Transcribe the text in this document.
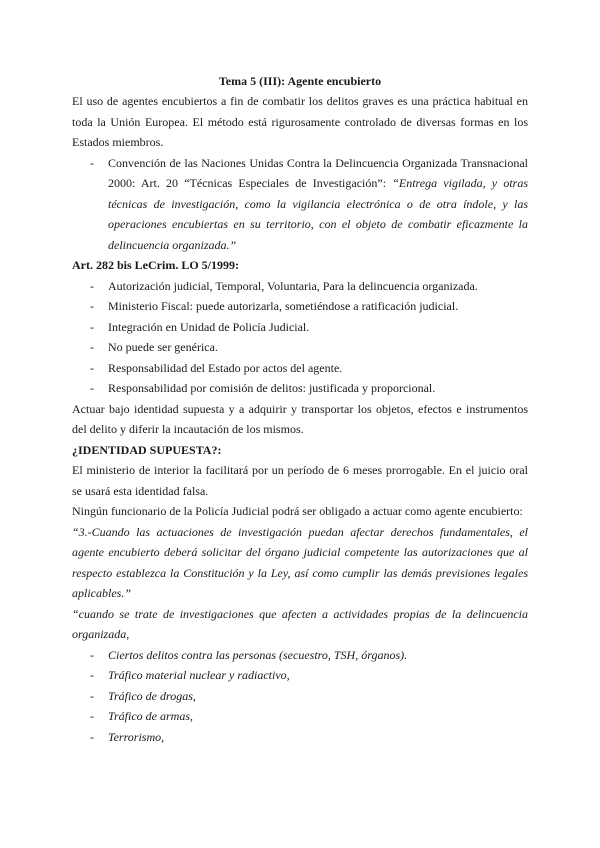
Tema 5 (III): Agente encubierto

El uso de agentes encubiertos a fin de combatir los delitos graves es una práctica habitual en toda la Unión Europea. El método está rigurosamente controlado de diversas formas en los Estados miembros.

- Convención de las Naciones Unidas Contra la Delincuencia Organizada Transnacional 2000: Art. 20 “Técnicas Especiales de Investigación”: “Entrega vigilada, y otras técnicas de investigación, como la vigilancia electrónica o de otra índole, y las operaciones encubiertas en su territorio, con el objeto de combatir eficazmente la delincuencia organizada.”
Art. 282 bis LeCrim. LO 5/1999:
- Autorización judicial, Temporal, Voluntaria, Para la delincuencia organizada.
- Ministerio Fiscal: puede autorizarla, sometiéndose a ratificación judicial.
- Integración en Unidad de Policía Judicial.
- No puede ser genérica.
- Responsabilidad del Estado por actos del agente.
- Responsabilidad por comisión de delitos: justificada y proporcional.

Actuar bajo identidad supuesta y a adquirir y transportar los objetos, efectos e instrumentos del delito y diferir la incautación de los mismos.

¿IDENTIDAD SUPUESTA?:

El ministerio de interior la facilitará por un período de 6 meses prorrogable. En el juicio oral se usará esta identidad falsa.

Ningún funcionario de la Policía Judicial podrá ser obligado a actuar como agente encubierto:

“3.-Cuando las actuaciones de investigación puedan afectar derechos fundamentales, el agente encubierto deberá solicitar del órgano judicial competente las autorizaciones que al respecto establezca la Constitución y la Ley, así como cumplir las demás previsiones legales aplicables.”

“cuando se trate de investigaciones que afecten a actividades propias de la delincuencia organizada,

- Ciertos delitos contra las personas (secuestro, TSH, órganos).
- Tráfico material nuclear y radiactivo,
- Tráfico de drogas,
- Tráfico de armas,
- Terrorismo,
